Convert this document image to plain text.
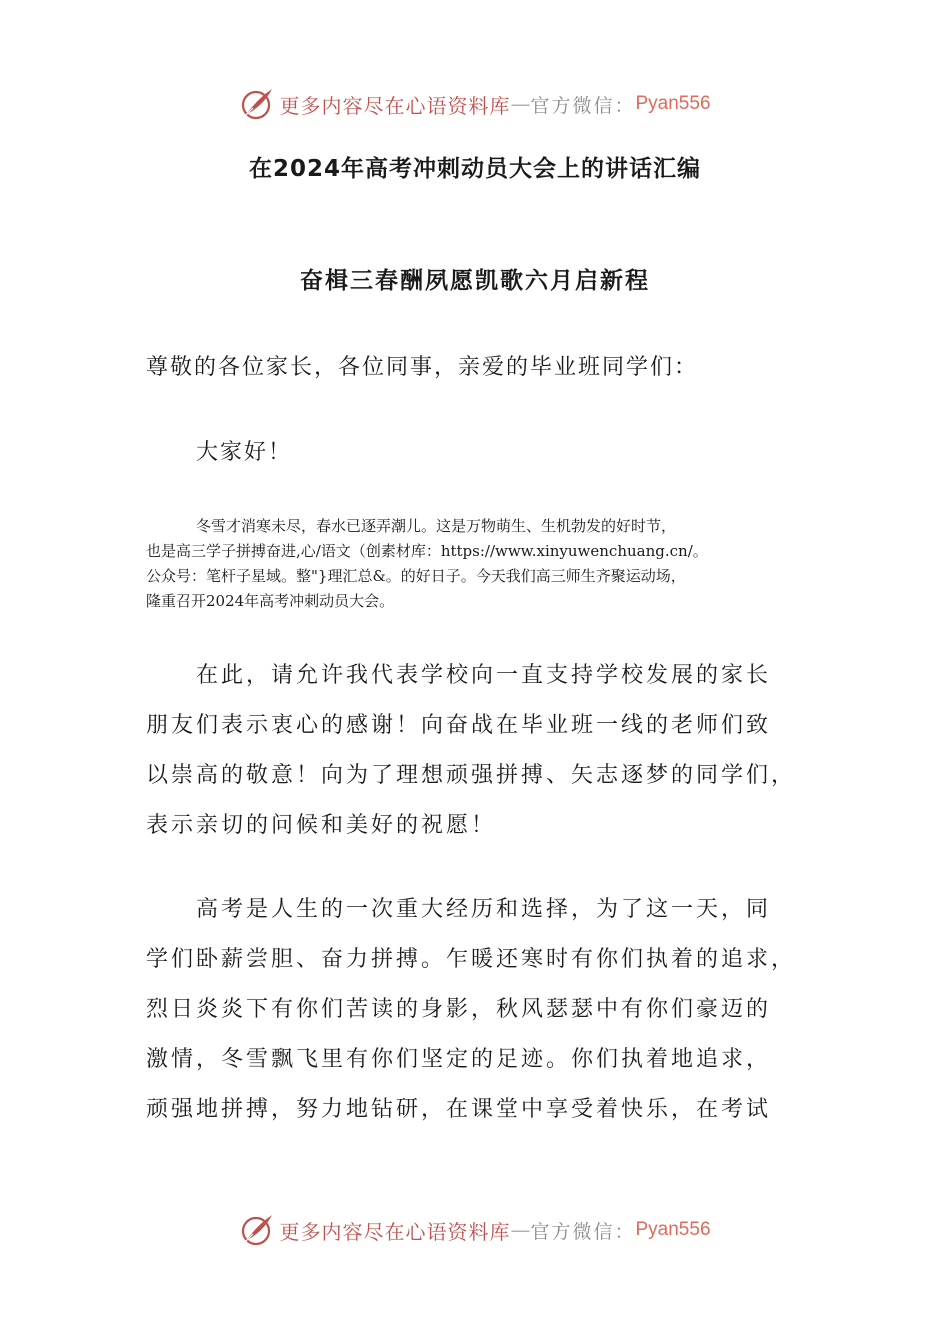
更多内容尽在心语资料库 — 官方微信： Pyan556
在2024年高考冲刺动员大会上的讲话汇编
奋楫三春酬夙愿凯歌六月启新程

尊敬的各位家长，各位同事，亲爱的毕业班同学们：

大家好！

冬雪才消寒未尽，春水已逐弄潮儿。这是万物萌生、生机勃发的好时节，
也是高三学子拼搏奋进,心/语文（创素材库：https://www.xinyuwenchuang.cn/。
公众号：笔杆子星域。整"}理汇总&。的好日子。今天我们高三师生齐聚运动场，
隆重召开2024年高考冲刺动员大会。
在此，请允许我代表学校向一直支持学校发展的家长
朋友们表示衷心的感谢！向奋战在毕业班一线的老师们致
以崇高的敬意！向为了理想顽强拼搏、矢志逐梦的同学们，
表示亲切的问候和美好的祝愿！
高考是人生的一次重大经历和选择，为了这一天，同
学们卧薪尝胆、奋力拼搏。乍暖还寒时有你们执着的追求，
烈日炎炎下有你们苦读的身影，秋风瑟瑟中有你们豪迈的
激情，冬雪飘飞里有你们坚定的足迹。你们执着地追求，
顽强地拼搏，努力地钻研，在课堂中享受着快乐，在考试
更多内容尽在心语资料库 — 官方微信： Pyan556
